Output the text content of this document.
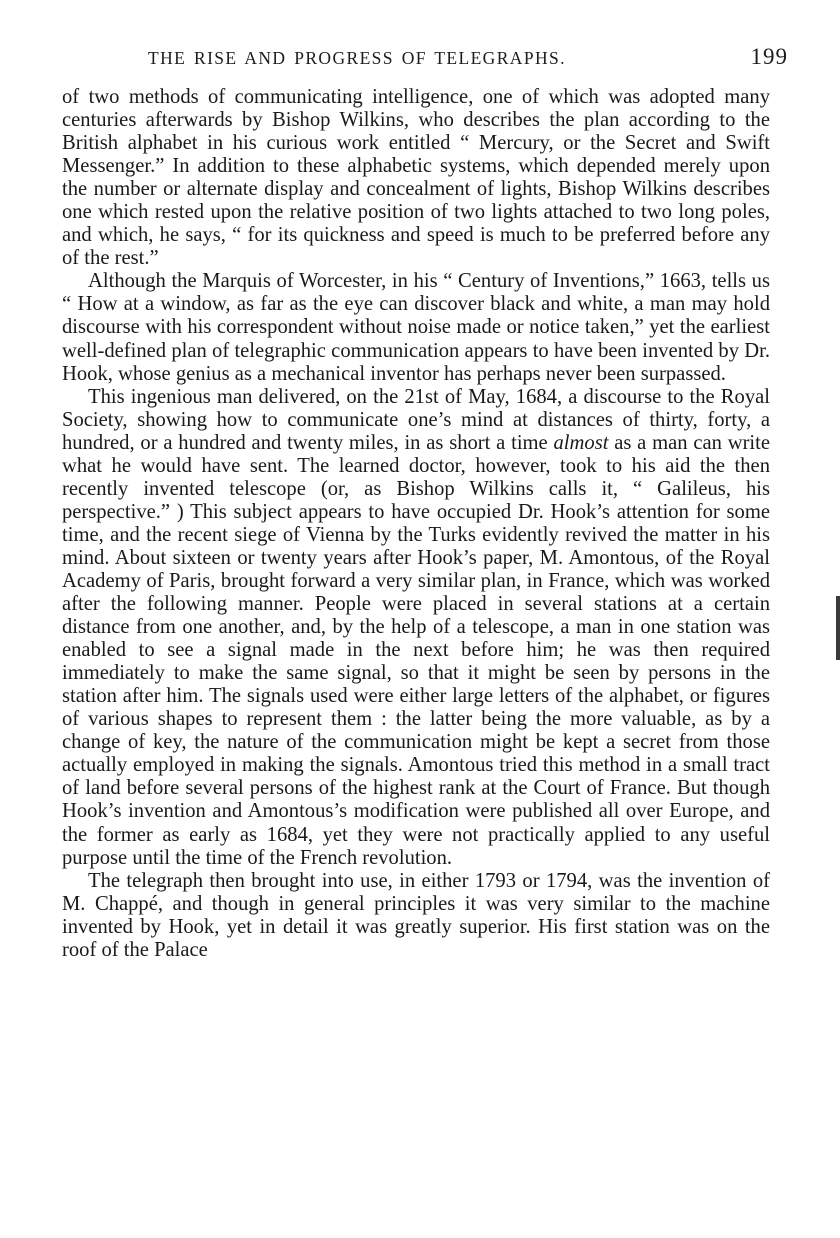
THE RISE AND PROGRESS OF TELEGRAPHS.	199

of two methods of communicating intelligence, one of which was adopted many centuries afterwards by Bishop Wilkins, who describes the plan according to the British alphabet in his curious work entitled “ Mercury, or the Secret and Swift Messenger.” In addition to these alphabetic systems, which depended merely upon the number or alternate display and concealment of lights, Bishop Wilkins describes one which rested upon the relative position of two lights attached to two long poles, and which, he says, “ for its quickness and speed is much to be preferred before any of the rest.”

Although the Marquis of Worcester, in his “ Century of Inventions,” 1663, tells us “ How at a window, as far as the eye can discover black and white, a man may hold discourse with his correspondent without noise made or notice taken,” yet the earliest well-defined plan of telegraphic communication appears to have been invented by Dr. Hook, whose genius as a mechanical inventor has perhaps never been surpassed.

This ingenious man delivered, on the 21st of May, 1684, a discourse to the Royal Society, showing how to communicate one’s mind at distances of thirty, forty, a hundred, or a hundred and twenty miles, in as short a time almost as a man can write what he would have sent. The learned doctor, however, took to his aid the then recently invented telescope (or, as Bishop Wilkins calls it, “ Galileus, his perspective.” ) This subject appears to have occupied Dr. Hook’s attention for some time, and the recent siege of Vienna by the Turks evidently revived the matter in his mind. About sixteen or twenty years after Hook’s paper, M. Amontous, of the Royal Academy of Paris, brought forward a very similar plan, in France, which was worked after the following manner. People were placed in several stations at a certain distance from one another, and, by the help of a telescope, a man in one station was enabled to see a signal made in the next before him; he was then required immediately to make the same signal, so that it might be seen by persons in the station after him. The signals used were either large letters of the alphabet, or figures of various shapes to represent them : the latter being the more valuable, as by a change of key, the nature of the communication might be kept a secret from those actually employed in making the signals. Amontous tried this method in a small tract of land before several persons of the highest rank at the Court of France. But though Hook’s invention and Amontous’s modification were published all over Europe, and the former as early as 1684, yet they were not practically applied to any useful purpose until the time of the French revolution.

The telegraph then brought into use, in either 1793 or 1794, was the invention of M. Chappé, and though in general principles it was very similar to the machine invented by Hook, yet in detail it was greatly superior. His first station was on the roof of the Palace
